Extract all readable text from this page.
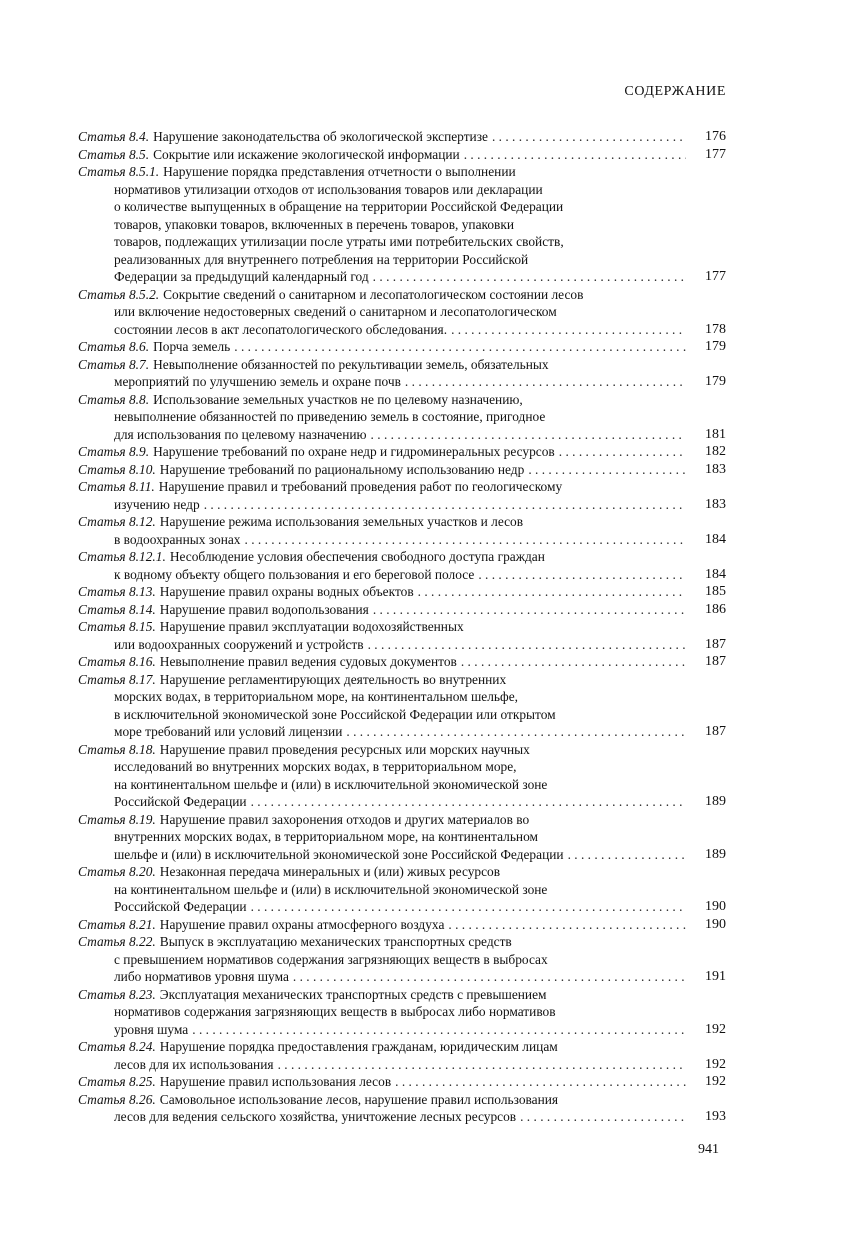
СОДЕРЖАНИЕ
Статья 8.4. Нарушение законодательства об экологической экспертизе . . .	176
Статья 8.5. Сокрытие или искажение экологической информации . . .	177
Статья 8.5.1. Нарушение порядка представления отчетности о выполнении
нормативов утилизации отходов от использования товаров или декларации
о количестве выпущенных в обращение на территории Российской Федерации
товаров, упаковки товаров, включенных в перечень товаров, упаковки
товаров, подлежащих утилизации после утраты ими потребительских свойств,
реализованных для внутреннего потребления на территории Российской
Федерации за предыдущий календарный год . . .	177
Статья 8.5.2. Сокрытие сведений о санитарном и лесопатологическом состоянии лесов
или включение недостоверных сведений о санитарном и лесопатологическом
состоянии лесов в акт лесопатологического обследования. . . .	178
Статья 8.6. Порча земель . . .	179
Статья 8.7. Невыполнение обязанностей по рекультивации земель, обязательных
мероприятий по улучшению земель и охране почв . . .	179
Статья 8.8. Использование земельных участков не по целевому назначению,
невыполнение обязанностей по приведению земель в состояние, пригодное
для использования по целевому назначению . . .	181
Статья 8.9. Нарушение требований по охране недр и гидроминеральных ресурсов . . .	182
Статья 8.10. Нарушение требований по рациональному использованию недр . . .	183
Статья 8.11. Нарушение правил и требований проведения работ по геологическому
изучению недр . . .	183
Статья 8.12. Нарушение режима использования земельных участков и лесов
в водоохранных зонах . . .	184
Статья 8.12.1. Несоблюдение условия обеспечения свободного доступа граждан
к водному объекту общего пользования и его береговой полосе . . .	184
Статья 8.13. Нарушение правил охраны водных объектов . . .	185
Статья 8.14. Нарушение правил водопользования . . .	186
Статья 8.15. Нарушение правил эксплуатации водохозяйственных
или водоохранных сооружений и устройств . . .	187
Статья 8.16. Невыполнение правил ведения судовых документов . . .	187
Статья 8.17. Нарушение регламентирующих деятельность во внутренних
морских водах, в территориальном море, на континентальном шельфе,
в исключительной экономической зоне Российской Федерации или открытом
море требований или условий лицензии . . .	187
Статья 8.18. Нарушение правил проведения ресурсных или морских научных
исследований во внутренних морских водах, в территориальном море,
на континентальном шельфе и (или) в исключительной экономической зоне
Российской Федерации . . .	189
Статья 8.19. Нарушение правил захоронения отходов и других материалов во
внутренних морских водах, в территориальном море, на континентальном
шельфе и (или) в исключительной экономической зоне Российской Федерации . . .	189
Статья 8.20. Незаконная передача минеральных и (или) живых ресурсов
на континентальном шельфе и (или) в исключительной экономической зоне
Российской Федерации . . .	190
Статья 8.21. Нарушение правил охраны атмосферного воздуха . . .	190
Статья 8.22. Выпуск в эксплуатацию механических транспортных средств
с превышением нормативов содержания загрязняющих веществ в выбросах
либо нормативов уровня шума . . .	191
Статья 8.23. Эксплуатация механических транспортных средств с превышением
нормативов содержания загрязняющих веществ в выбросах либо нормативов
уровня шума . . .	192
Статья 8.24. Нарушение порядка предоставления гражданам, юридическим лицам
лесов для их использования . . .	192
Статья 8.25. Нарушение правил использования лесов . . .	192
Статья 8.26. Самовольное использование лесов, нарушение правил использования
лесов для ведения сельского хозяйства, уничтожение лесных ресурсов . . .	193
941
